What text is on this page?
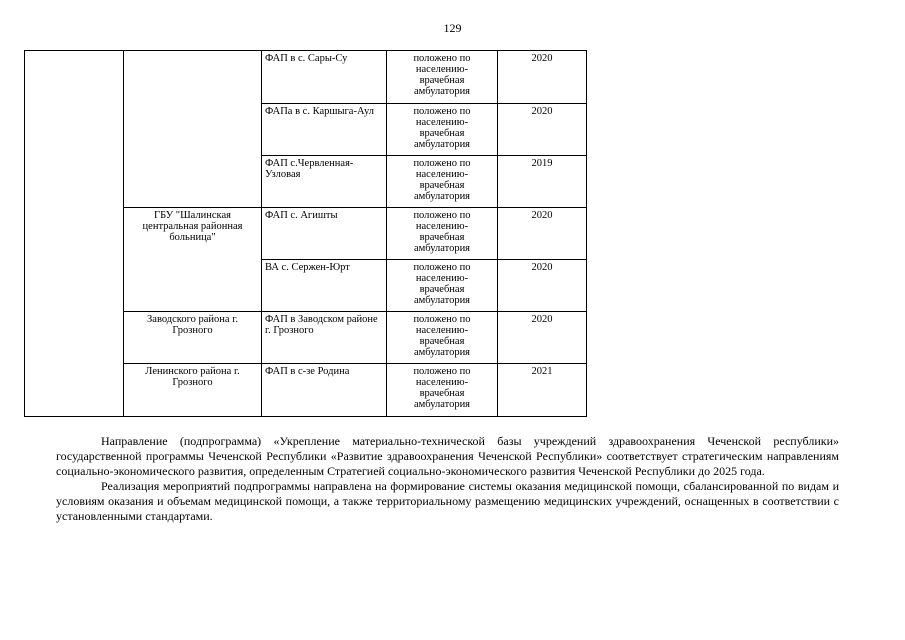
129
		ФАП в с. Сары-Су	положено по населению- врачебная амбулатория	2020
		ФАПа в с. Каршыга-Аул	положено по населению- врачебная амбулатория	2020
		ФАП с.Червленная-Узловая	положено по населению- врачебная амбулатория	2019
	ГБУ "Шалинская центральная районная больница"	ФАП с. Агишты	положено по населению- врачебная амбулатория	2020
		ВА с. Сержен-Юрт	положено по населению- врачебная амбулатория	2020
	Заводского района г. Грозного	ФАП в Заводском районе г. Грозного	положено по населению- врачебная амбулатория	2020
	Ленинского района г. Грозного	ФАП в с-зе Родина	положено по населению- врачебная амбулатория	2021

Направление (подпрограмма) «Укрепление материально-технической базы учреждений здравоохранения Чеченской республики» государственной программы Чеченской Республики «Развитие здравоохранения Чеченской Республики» соответствует стратегическим направлениям социально-экономического развития, определенным Стратегией социально-экономического развития Чеченской Республики до 2025 года.

Реализация мероприятий подпрограммы направлена на формирование системы оказания медицинской помощи, сбалансированной по видам и условиям оказания и объемам медицинской помощи, а также территориальному размещению медицинских учреждений, оснащенных в соответствии с установленными стандартами.
